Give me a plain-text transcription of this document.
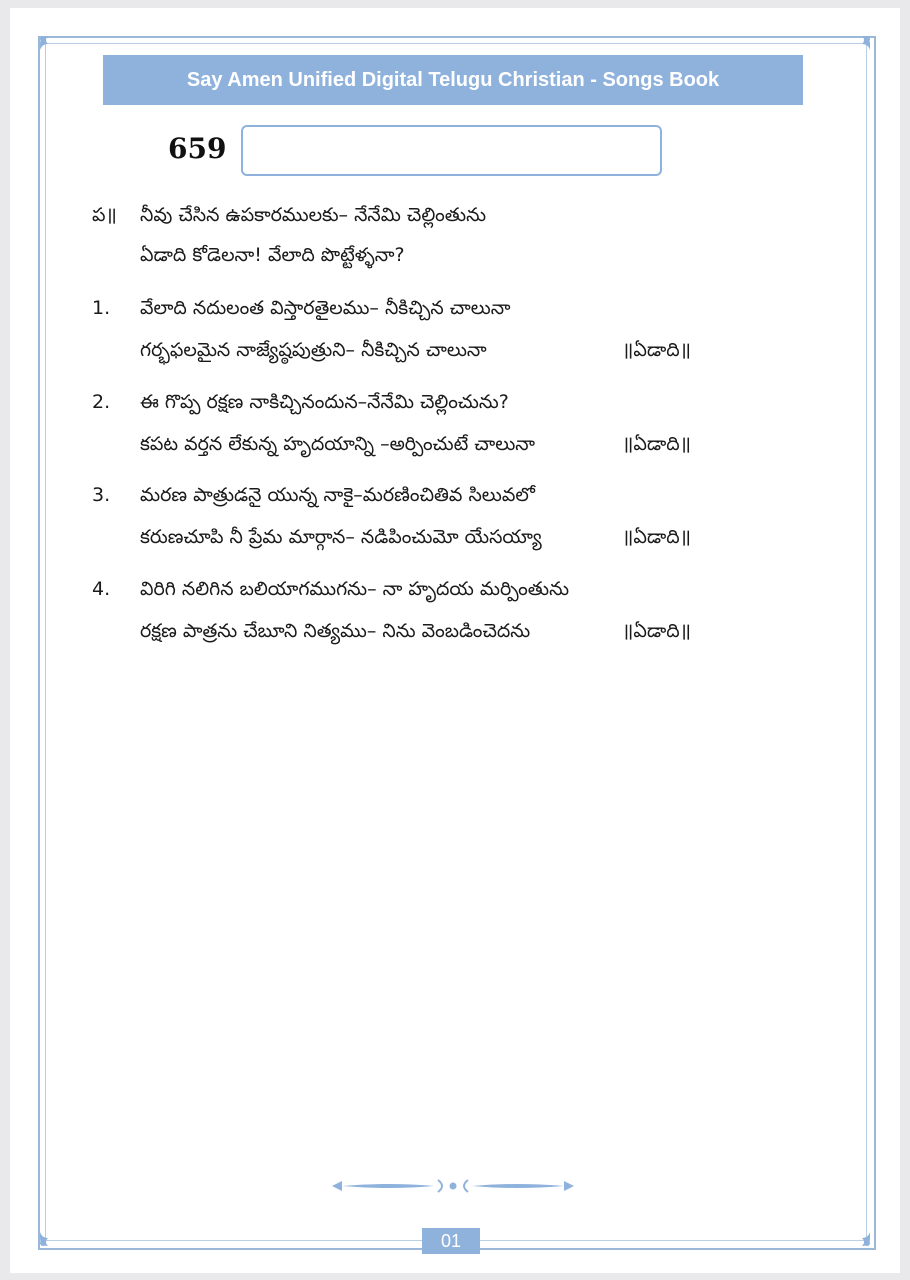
Say Amen Unified Digital Telugu Christian - Songs Book
659
ప॥	నీవు చేసిన ఉపకారములకు– నేనేమి చెల్లింతును
ఏడాది కోడెలనా! వేలాది పొట్టేళ్ళనా?
1.	వేలాది నదులంత విస్తారతైలము– నీకిచ్చిన చాలునా
గర్భఫలమైన నాజ్యేష్ఠపుత్రుని– నీకిచ్చిన చాలునా	॥ఏడాది॥
2.	ఈ గొప్ప రక్షణ నాకిచ్చినందున–నేనేమి చెల్లించును?
కపట వర్తన లేకున్న హృదయాన్ని –అర్పించుటే చాలునా	॥ఏడాది॥
3.	మరణ పాత్రుడనై యున్న నాకై–మరణించితివ సిలువలో
కరుణచూపి నీ ప్రేమ మార్గాన– నడిపించుమో యేసయ్యా	॥ఏడాది॥
4.	విరిగి నలిగిన బలియాగముగను– నా హృదయ మర్పింతును
రక్షణ పాత్రను చేబూని నిత్యము– నిను వెంబడించెదను	॥ఏడాది॥
01
